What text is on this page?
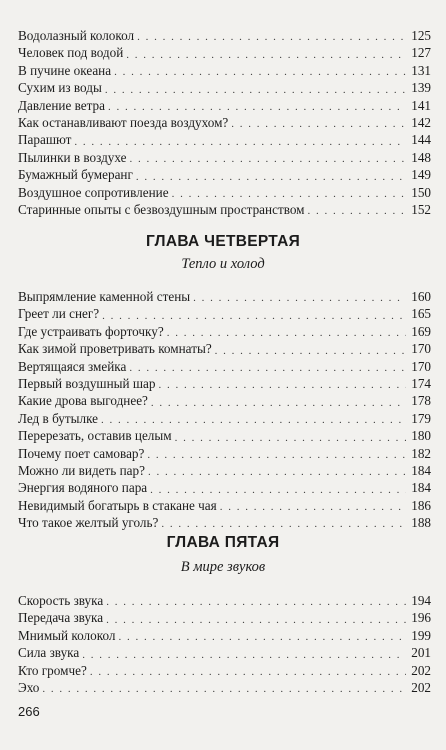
Водолазный колокол . . .	125
Человек под водой . . .	127
В пучине океана . . .	131
Сухим из воды . . .	139
Давление ветра . . .	141
Как останавливают поезда воздухом? . . .	142
Парашют . . .	144
Пылинки в воздухе . . .	148
Бумажный бумеранг . . .	149
Воздушное сопротивление . . .	150
Старинные опыты с безвоздушным пространством . . .	152
ГЛАВА ЧЕТВЕРТАЯ
Тепло и холод
Выпрямление каменной стены . . .	160
Греет ли снег? . . .	165
Где устраивать форточку? . . .	169
Как зимой проветривать комнаты? . . .	170
Вертящаяся змейка . . .	170
Первый воздушный шар . . .	174
Какие дрова выгоднее? . . .	178
Лед в бутылке . . .	179
Перерезать, оставив целым . . .	180
Почему поет самовар? . . .	182
Можно ли видеть пар? . . .	184
Энергия водяного пара . . .	184
Невидимый богатырь в стакане чая . . .	186
Что такое желтый уголь? . . .	188
ГЛАВА ПЯТАЯ
В мире звуков
Скорость звука . . .	194
Передача звука . . .	196
Мнимый колокол . . .	199
Сила звука . . .	201
Кто громче? . . .	202
Эхо . . .	202
266
